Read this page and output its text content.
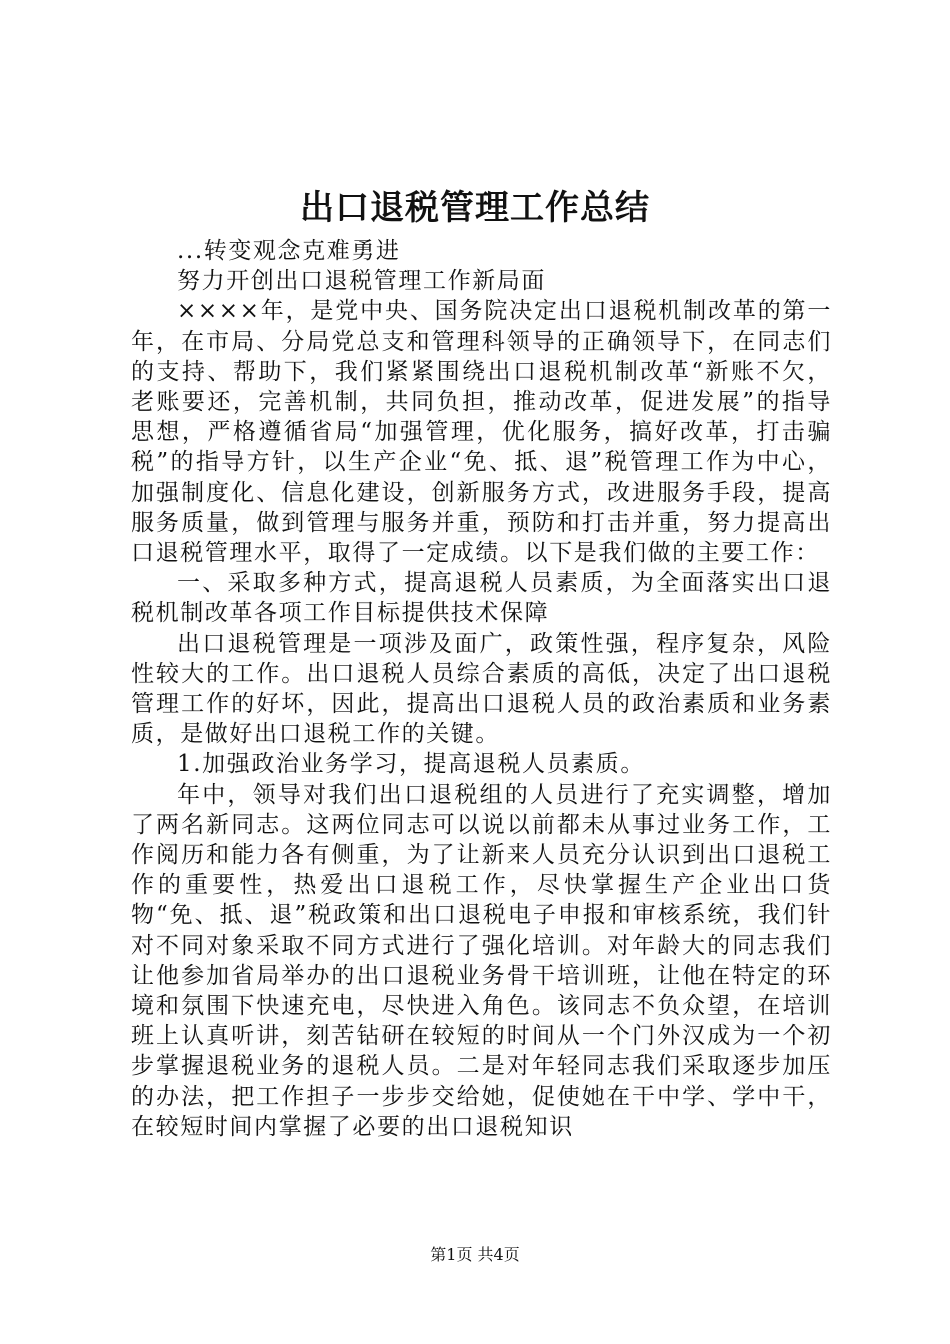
出口退税管理工作总结

...转变观念克难勇进

努力开创出口退税管理工作新局面

××××年，是党中央、国务院决定出口退税机制改革的第一年，在市局、分局党总支和管理科领导的正确领导下，在同志们的支持、帮助下，我们紧紧围绕出口退税机制改革“新账不欠，老账要还，完善机制，共同负担，推动改革，促进发展”的指导思想，严格遵循省局“加强管理，优化服务，搞好改革，打击骗税”的指导方针，以生产企业“免、抵、退”税管理工作为中心，加强制度化、信息化建设，创新服务方式，改进服务手段，提高服务质量，做到管理与服务并重，预防和打击并重，努力提高出口退税管理水平，取得了一定成绩。以下是我们做的主要工作：

一、采取多种方式，提高退税人员素质，为全面落实出口退税机制改革各项工作目标提供技术保障

出口退税管理是一项涉及面广，政策性强，程序复杂，风险性较大的工作。出口退税人员综合素质的高低，决定了出口退税管理工作的好坏，因此，提高出口退税人员的政治素质和业务素质，是做好出口退税工作的关键。

1.加强政治业务学习，提高退税人员素质。

年中，领导对我们出口退税组的人员进行了充实调整，增加了两名新同志。这两位同志可以说以前都未从事过业务工作，工作阅历和能力各有侧重，为了让新来人员充分认识到出口退税工作的重要性，热爱出口退税工作，尽快掌握生产企业出口货物“免、抵、退”税政策和出口退税电子申报和审核系统，我们针对不同对象采取不同方式进行了强化培训。对年龄大的同志我们让他参加省局举办的出口退税业务骨干培训班，让他在特定的环境和氛围下快速充电，尽快进入角色。该同志不负众望，在培训班上认真听讲，刻苦钻研在较短的时间从一个门外汉成为一个初步掌握退税业务的退税人员。二是对年轻同志我们采取逐步加压的办法，把工作担子一步步交给她，促使她在干中学、学中干，在较短时间内掌握了必要的出口退税知识

第1页 共4页
